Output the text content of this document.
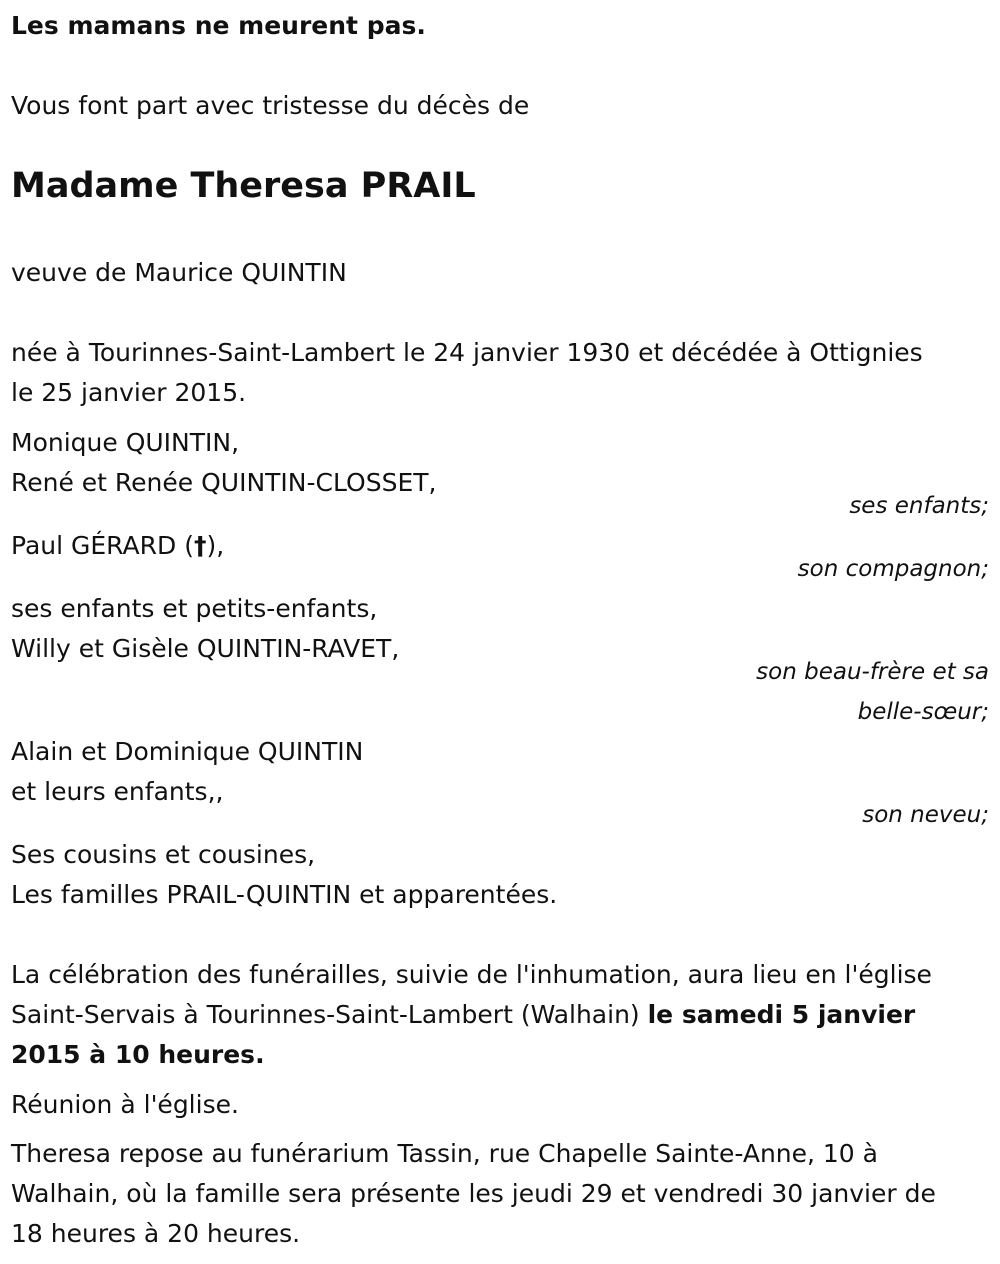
Les mamans ne meurent pas.

Vous font part avec tristesse du décès de

Madame Theresa PRAIL

veuve de Maurice QUINTIN

née à Tourinnes-Saint-Lambert le 24 janvier 1930 et décédée à Ottignies

le 25 janvier 2015.

Monique QUINTIN,

René et Renée QUINTIN-CLOSSET,

ses enfants;

Paul GÉRARD (†),

son compagnon;

ses enfants et petits-enfants,

Willy et Gisèle QUINTIN-RAVET,

son beau-frère et sa

belle-sœur;

Alain et Dominique QUINTIN

et leurs enfants,,

son neveu;

Ses cousins et cousines,

Les familles PRAIL-QUINTIN et apparentées.

La célébration des funérailles, suivie de l'inhumation, aura lieu en l'église

Saint-Servais à Tourinnes-Saint-Lambert (Walhain) le samedi 5 janvier

2015 à 10 heures.

Réunion à l'église.

Theresa repose au funérarium Tassin, rue Chapelle Sainte-Anne, 10 à

Walhain, où la famille sera présente les jeudi 29 et vendredi 30 janvier de

18 heures à 20 heures.
